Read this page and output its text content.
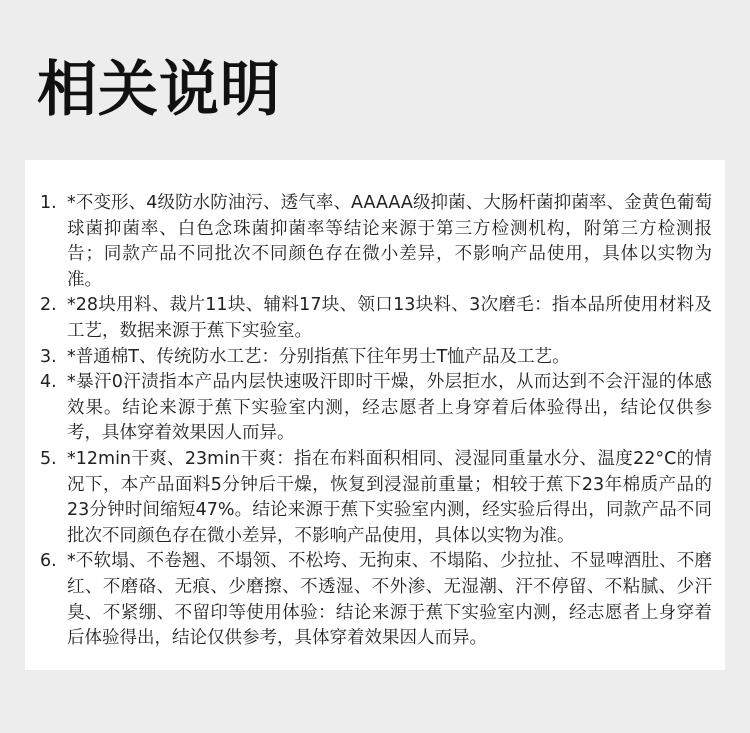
相关说明
1. *不变形、4级防水防油污、透气率、AAAAA级抑菌、大肠杆菌抑菌率、金黄色葡萄球菌抑菌率、白色念珠菌抑菌率等结论来源于第三方检测机构，附第三方检测报告；同款产品不同批次不同颜色存在微小差异，不影响产品使用，具体以实物为准。
2. *28块用料、裁片11块、辅料17块、领口13块料、3次磨毛：指本品所使用材料及工艺，数据来源于蕉下实验室。
3. *普通棉T、传统防水工艺：分别指蕉下往年男士T恤产品及工艺。
4. *暴汗0汗渍指本产品内层快速吸汗即时干燥，外层拒水，从而达到不会汗湿的体感效果。结论来源于蕉下实验室内测，经志愿者上身穿着后体验得出，结论仅供参考，具体穿着效果因人而异。
5. *12min干爽、23min干爽：指在布料面积相同、浸湿同重量水分、温度22°C的情况下，本产品面料5分钟后干燥，恢复到浸湿前重量；相较于蕉下23年棉质产品的23分钟时间缩短47%。结论来源于蕉下实验室内测，经实验后得出，同款产品不同批次不同颜色存在微小差异，不影响产品使用，具体以实物为准。
6. *不软塌、不卷翘、不塌领、不松垮、无拘束、不塌陷、少拉扯、不显啤酒肚、不磨红、不磨硌、无痕、少磨擦、不透湿、不外渗、无湿潮、汗不停留、不粘腻、少汗臭、不紧绷、不留印等使用体验：结论来源于蕉下实验室内测，经志愿者上身穿着后体验得出，结论仅供参考，具体穿着效果因人而异。
